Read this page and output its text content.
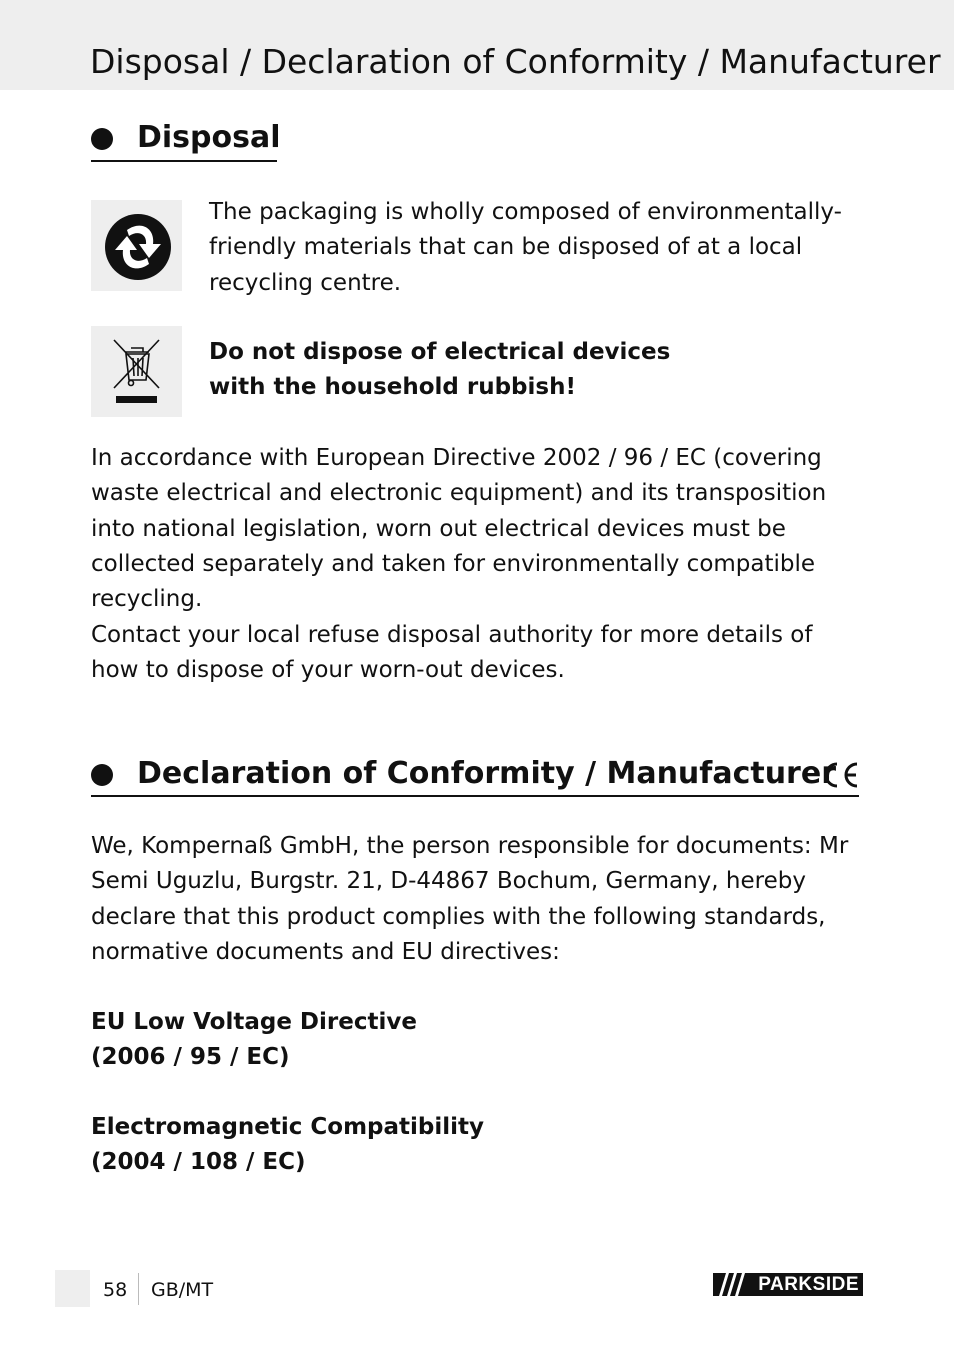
Disposal / Declaration of Conformity / Manufacturer
Disposal
The packaging is wholly composed of environmentally-friendly materials that can be disposed of at a local recycling centre.
Do not dispose of electrical devices
with the household rubbish!
In accordance with European Directive 2002 / 96 / EC (covering waste electrical and electronic equipment) and its transposition into national legislation, worn out electrical devices must be collected separately and taken for environmentally compatible recycling.
Contact your local refuse disposal authority for more details of how to dispose of your worn-out devices.
Declaration of Conformity / Manufacturer
We, Kompernaß GmbH, the person responsible for documents: Mr Semi Uguzlu, Burgstr. 21, D-44867 Bochum, Germany, hereby declare that this product complies with the following standards, normative documents and EU directives:
EU Low Voltage Directive
(2006 / 95 / EC)
Electromagnetic Compatibility
(2004 / 108 / EC)
58 GB/MT	PARKSIDE
